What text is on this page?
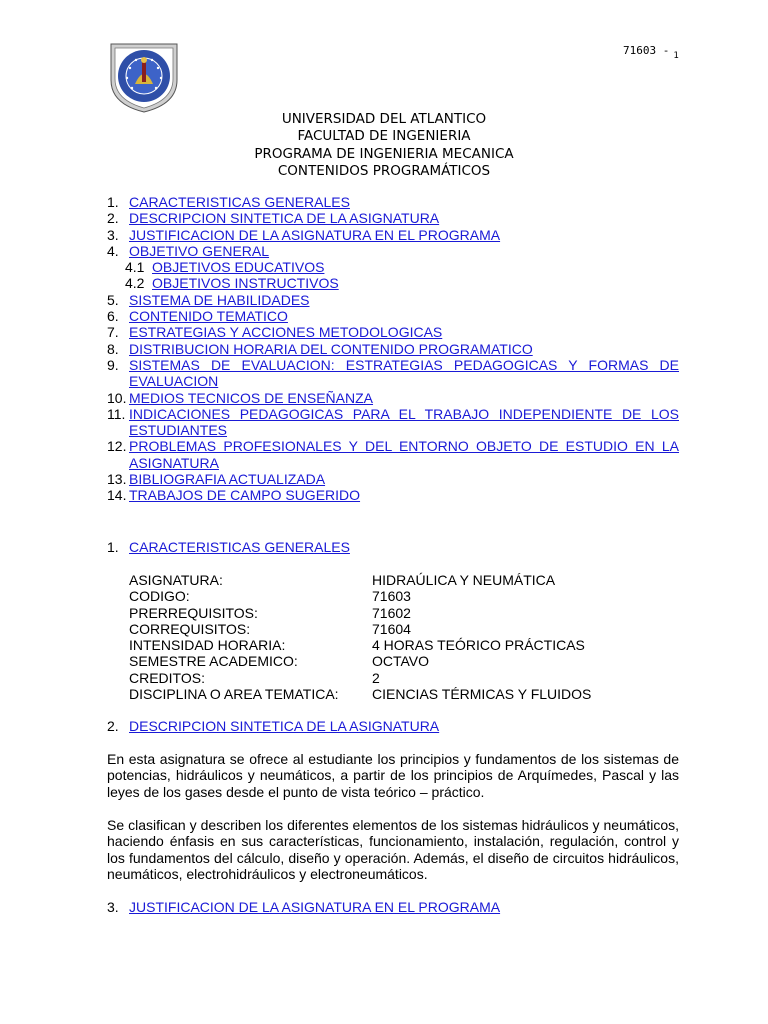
71603 - $_1$
UNIVERSIDAD DEL ATLANTICO
FACULTAD DE INGENIERIA
PROGRAMA DE INGENIERIA MECANICA
CONTENIDOS PROGRAMÁTICOS
1. CARACTERISTICAS GENERALES
2. DESCRIPCION SINTETICA DE LA ASIGNATURA
3. JUSTIFICACION DE LA ASIGNATURA EN EL PROGRAMA
4. OBJETIVO GENERAL
4.1 OBJETIVOS EDUCATIVOS
4.2 OBJETIVOS INSTRUCTIVOS
5. SISTEMA DE HABILIDADES
6. CONTENIDO TEMATICO
7. ESTRATEGIAS Y ACCIONES METODOLOGICAS
8. DISTRIBUCION HORARIA DEL CONTENIDO PROGRAMATICO
9. SISTEMAS DE EVALUACION: ESTRATEGIAS PEDAGOGICAS Y FORMAS DE EVALUACION
10. MEDIOS TECNICOS DE ENSEÑANZA
11. INDICACIONES PEDAGOGICAS PARA EL TRABAJO INDEPENDIENTE DE LOS ESTUDIANTES
12. PROBLEMAS PROFESIONALES Y DEL ENTORNO OBJETO DE ESTUDIO EN LA ASIGNATURA
13. BIBLIOGRAFIA ACTUALIZADA
14. TRABAJOS DE CAMPO SUGERIDO
1. CARACTERISTICAS GENERALES
ASIGNATURA:	HIDRAÚLICA Y NEUMÁTICA
CODIGO:	71603
PRERREQUISITOS:	71602
CORREQUISITOS:	71604
INTENSIDAD HORARIA:	4 HORAS TEÓRICO PRÁCTICAS
SEMESTRE ACADEMICO:	OCTAVO
CREDITOS:	2
DISCIPLINA O AREA TEMATICA:	CIENCIAS TÉRMICAS Y FLUIDOS
2. DESCRIPCION SINTETICA DE LA ASIGNATURA

En esta asignatura se ofrece al estudiante los principios y fundamentos de los sistemas de potencias, hidráulicos y neumáticos, a partir de los principios de Arquímedes, Pascal y las leyes de los gases desde el punto de vista teórico – práctico.

Se clasifican y describen los diferentes elementos de los sistemas hidráulicos y neumáticos, haciendo énfasis en sus características, funcionamiento, instalación, regulación, control y los fundamentos del cálculo, diseño y operación. Además, el diseño de circuitos hidráulicos, neumáticos, electrohidráulicos y electroneumáticos.

3. JUSTIFICACION DE LA ASIGNATURA EN EL PROGRAMA
